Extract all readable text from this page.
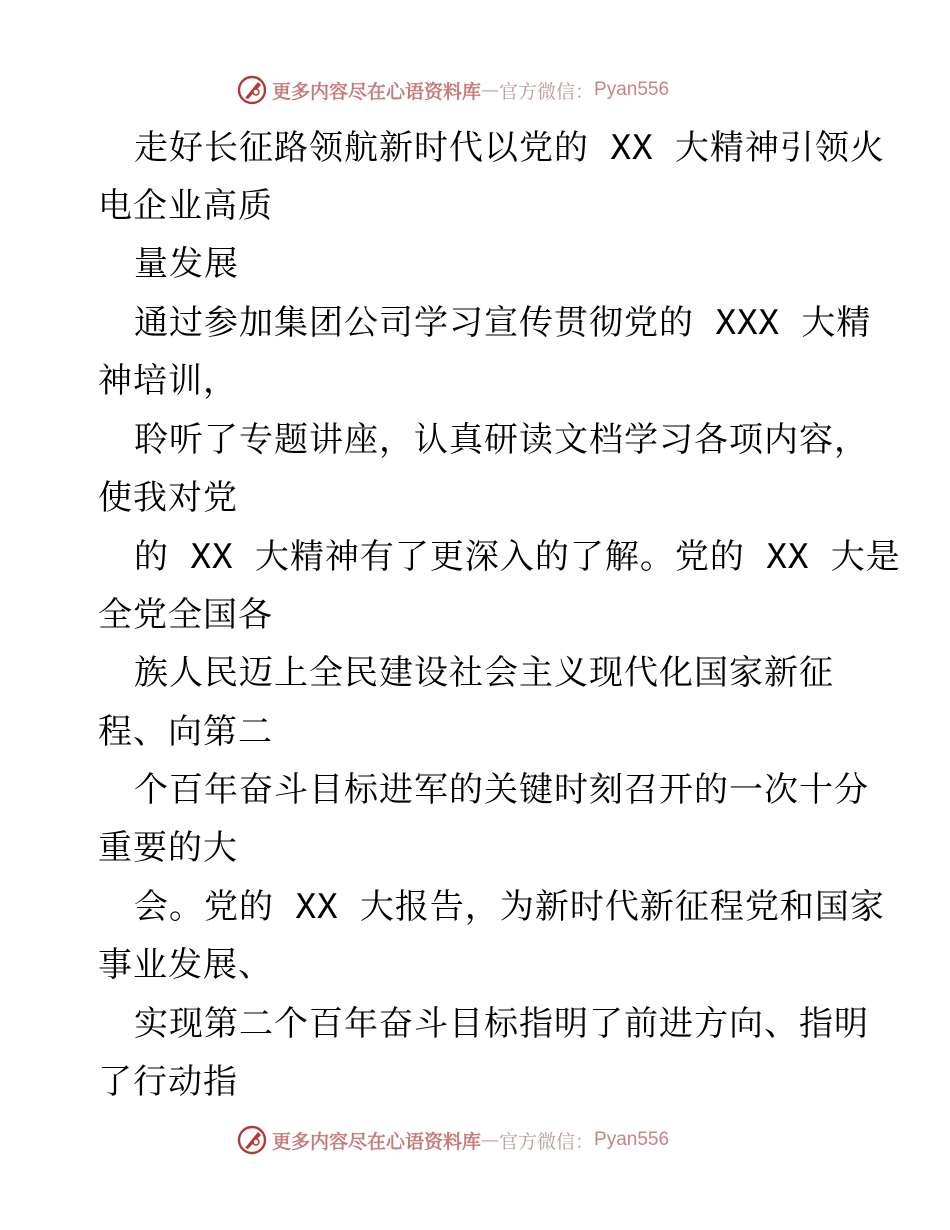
更多内容尽在心语资料库 — 官方微信： Pyan556
走好长征路领航新时代以党的 XX 大精神引领火
电企业高质
量发展
通过参加集团公司学习宣传贯彻党的 XXX 大精
神培训，
聆听了专题讲座，认真研读文档学习各项内容，
使我对党
的 XX 大精神有了更深入的了解。党的 XX 大是
全党全国各
族人民迈上全民建设社会主义现代化国家新征
程、向第二
个百年奋斗目标进军的关键时刻召开的一次十分
重要的大
会。党的 XX 大报告，为新时代新征程党和国家
事业发展、
实现第二个百年奋斗目标指明了前进方向、指明
了行动指
更多内容尽在心语资料库 — 官方微信： Pyan556
